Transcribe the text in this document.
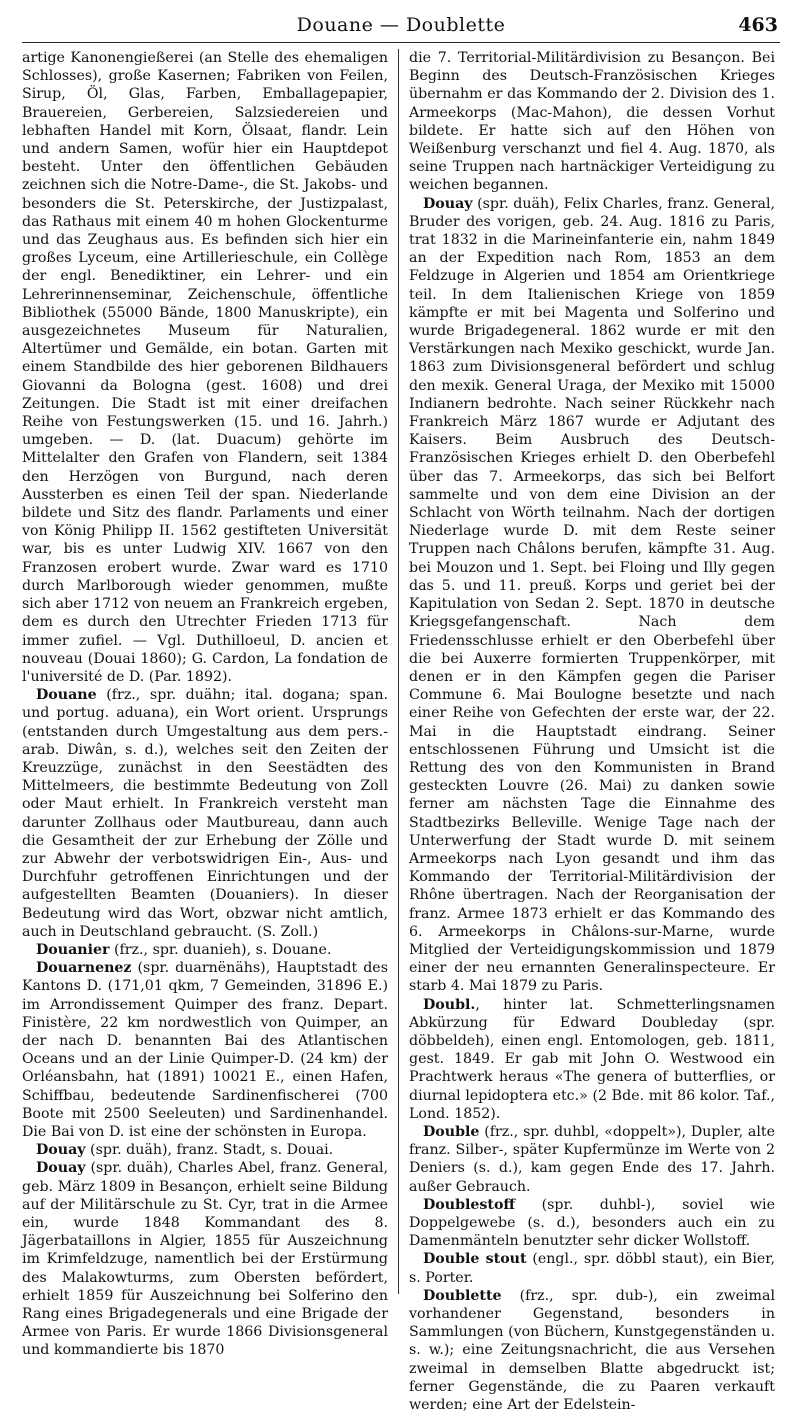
Douane — Doublette	463

artige Kanonengießerei (an Stelle des ehemaligen Schlosses), große Kasernen; Fabriken von Feilen, Sirup, Öl, Glas, Farben, Emballagepapier, Brauereien, Gerbereien, Salzsiedereien und lebhaften Handel mit Korn, Ölsaat, flandr. Lein und andern Samen, wofür hier ein Hauptdepot besteht. Unter den öffentlichen Gebäuden zeichnen sich die Notre-Dame-, die St. Jakobs- und besonders die St. Peterskirche, der Justizpalast, das Rathaus mit einem 40 m hohen Glockenturme und das Zeughaus aus. Es befinden sich hier ein großes Lyceum, eine Artillerieschule, ein Collège der engl. Benediktiner, ein Lehrer- und ein Lehrerinnenseminar, Zeichenschule, öffentliche Bibliothek (55000 Bände, 1800 Manuskripte), ein ausgezeichnetes Museum für Naturalien, Altertümer und Gemälde, ein botan. Garten mit einem Standbilde des hier geborenen Bildhauers Giovanni da Bologna (gest. 1608) und drei Zeitungen. Die Stadt ist mit einer dreifachen Reihe von Festungswerken (15. und 16. Jahrh.) umgeben. — D. (lat. Duacum) gehörte im Mittelalter den Grafen von Flandern, seit 1384 den Herzögen von Burgund, nach deren Aussterben es einen Teil der span. Niederlande bildete und Sitz des flandr. Parlaments und einer von König Philipp II. 1562 gestifteten Universität war, bis es unter Ludwig XIV. 1667 von den Franzosen erobert wurde. Zwar ward es 1710 durch Marlborough wieder genommen, mußte sich aber 1712 von neuem an Frankreich ergeben, dem es durch den Utrechter Frieden 1713 für immer zufiel. — Vgl. Duthilloeul, D. ancien et nouveau (Douai 1860); G. Cardon, La fondation de l'université de D. (Par. 1892).

Douane (frz., spr. duähn; ital. dogana; span. und portug. aduana), ein Wort orient. Ursprungs (entstanden durch Umgestaltung aus dem pers.-arab. Diwân, s. d.), welches seit den Zeiten der Kreuzzüge, zunächst in den Seestädten des Mittelmeers, die bestimmte Bedeutung von Zoll oder Maut erhielt. In Frankreich versteht man darunter Zollhaus oder Mautbureau, dann auch die Gesamtheit der zur Erhebung der Zölle und zur Abwehr der verbotswidrigen Ein-, Aus- und Durchfuhr getroffenen Einrichtungen und der aufgestellten Beamten (Douaniers). In dieser Bedeutung wird das Wort, obzwar nicht amtlich, auch in Deutschland gebraucht. (S. Zoll.)

Douanier (frz., spr. duanieh), s. Douane.

Douarnenez (spr. duarnënähs), Hauptstadt des Kantons D. (171,01 qkm, 7 Gemeinden, 31896 E.) im Arrondissement Quimper des franz. Depart. Finistère, 22 km nordwestlich von Quimper, an der nach D. benannten Bai des Atlantischen Oceans und an der Linie Quimper-D. (24 km) der Orléansbahn, hat (1891) 10021 E., einen Hafen, Schiffbau, bedeutende Sardinenfischerei (700 Boote mit 2500 Seeleuten) und Sardinenhandel. Die Bai von D. ist eine der schönsten in Europa.

Douay (spr. duäh), franz. Stadt, s. Douai.

Douay (spr. duäh), Charles Abel, franz. General, geb. März 1809 in Besançon, erhielt seine Bildung auf der Militärschule zu St. Cyr, trat in die Armee ein, wurde 1848 Kommandant des 8. Jägerbataillons in Algier, 1855 für Auszeichnung im Krimfeldzuge, namentlich bei der Erstürmung des Malakowturms, zum Obersten befördert, erhielt 1859 für Auszeichnung bei Solferino den Rang eines Brigadegenerals und eine Brigade der Armee von Paris. Er wurde 1866 Divisionsgeneral und kommandierte bis 1870

die 7. Territorial-Militärdivision zu Besançon. Bei Beginn des Deutsch-Französischen Krieges übernahm er das Kommando der 2. Division des 1. Armeekorps (Mac-Mahon), die dessen Vorhut bildete. Er hatte sich auf den Höhen von Weißenburg verschanzt und fiel 4. Aug. 1870, als seine Truppen nach hartnäckiger Verteidigung zu weichen begannen.

Douay (spr. duäh), Felix Charles, franz. General, Bruder des vorigen, geb. 24. Aug. 1816 zu Paris, trat 1832 in die Marineinfanterie ein, nahm 1849 an der Expedition nach Rom, 1853 an dem Feldzuge in Algerien und 1854 am Orientkriege teil. In dem Italienischen Kriege von 1859 kämpfte er mit bei Magenta und Solferino und wurde Brigadegeneral. 1862 wurde er mit den Verstärkungen nach Mexiko geschickt, wurde Jan. 1863 zum Divisionsgeneral befördert und schlug den mexik. General Uraga, der Mexiko mit 15000 Indianern bedrohte. Nach seiner Rückkehr nach Frankreich März 1867 wurde er Adjutant des Kaisers. Beim Ausbruch des Deutsch-Französischen Krieges erhielt D. den Oberbefehl über das 7. Armeekorps, das sich bei Belfort sammelte und von dem eine Division an der Schlacht von Wörth teilnahm. Nach der dortigen Niederlage wurde D. mit dem Reste seiner Truppen nach Châlons berufen, kämpfte 31. Aug. bei Mouzon und 1. Sept. bei Floing und Illy gegen das 5. und 11. preuß. Korps und geriet bei der Kapitulation von Sedan 2. Sept. 1870 in deutsche Kriegsgefangenschaft. Nach dem Friedensschlusse erhielt er den Oberbefehl über die bei Auxerre formierten Truppenkörper, mit denen er in den Kämpfen gegen die Pariser Commune 6. Mai Boulogne besetzte und nach einer Reihe von Gefechten der erste war, der 22. Mai in die Hauptstadt eindrang. Seiner entschlossenen Führung und Umsicht ist die Rettung des von den Kommunisten in Brand gesteckten Louvre (26. Mai) zu danken sowie ferner am nächsten Tage die Einnahme des Stadtbezirks Belleville. Wenige Tage nach der Unterwerfung der Stadt wurde D. mit seinem Armeekorps nach Lyon gesandt und ihm das Kommando der Territorial-Militärdivision der Rhône übertragen. Nach der Reorganisation der franz. Armee 1873 erhielt er das Kommando des 6. Armeekorps in Châlons-sur-Marne, wurde Mitglied der Verteidigungskommission und 1879 einer der neu ernannten Generalinspecteure. Er starb 4. Mai 1879 zu Paris.

Doubl., hinter lat. Schmetterlingsnamen Abkürzung für Edward Doubleday (spr. döbbeldeh), einen engl. Entomologen, geb. 1811, gest. 1849. Er gab mit John O. Westwood ein Prachtwerk heraus «The genera of butterflies, or diurnal lepidoptera etc.» (2 Bde. mit 86 kolor. Taf., Lond. 1852).

Double (frz., spr. duhbl, «doppelt»), Dupler, alte franz. Silber-, später Kupfermünze im Werte von 2 Deniers (s. d.), kam gegen Ende des 17. Jahrh. außer Gebrauch.

Doublestoff (spr. duhbl-), soviel wie Doppelgewebe (s. d.), besonders auch ein zu Damenmänteln benutzter sehr dicker Wollstoff.

Double stout (engl., spr. döbbl staut), ein Bier, s. Porter.

Doublette (frz., spr. dub-), ein zweimal vorhandener Gegenstand, besonders in Sammlungen (von Büchern, Kunstgegenständen u. s. w.); eine Zeitungsnachricht, die aus Versehen zweimal in demselben Blatte abgedruckt ist; ferner Gegenstände, die zu Paaren verkauft werden; eine Art der Edelstein-
